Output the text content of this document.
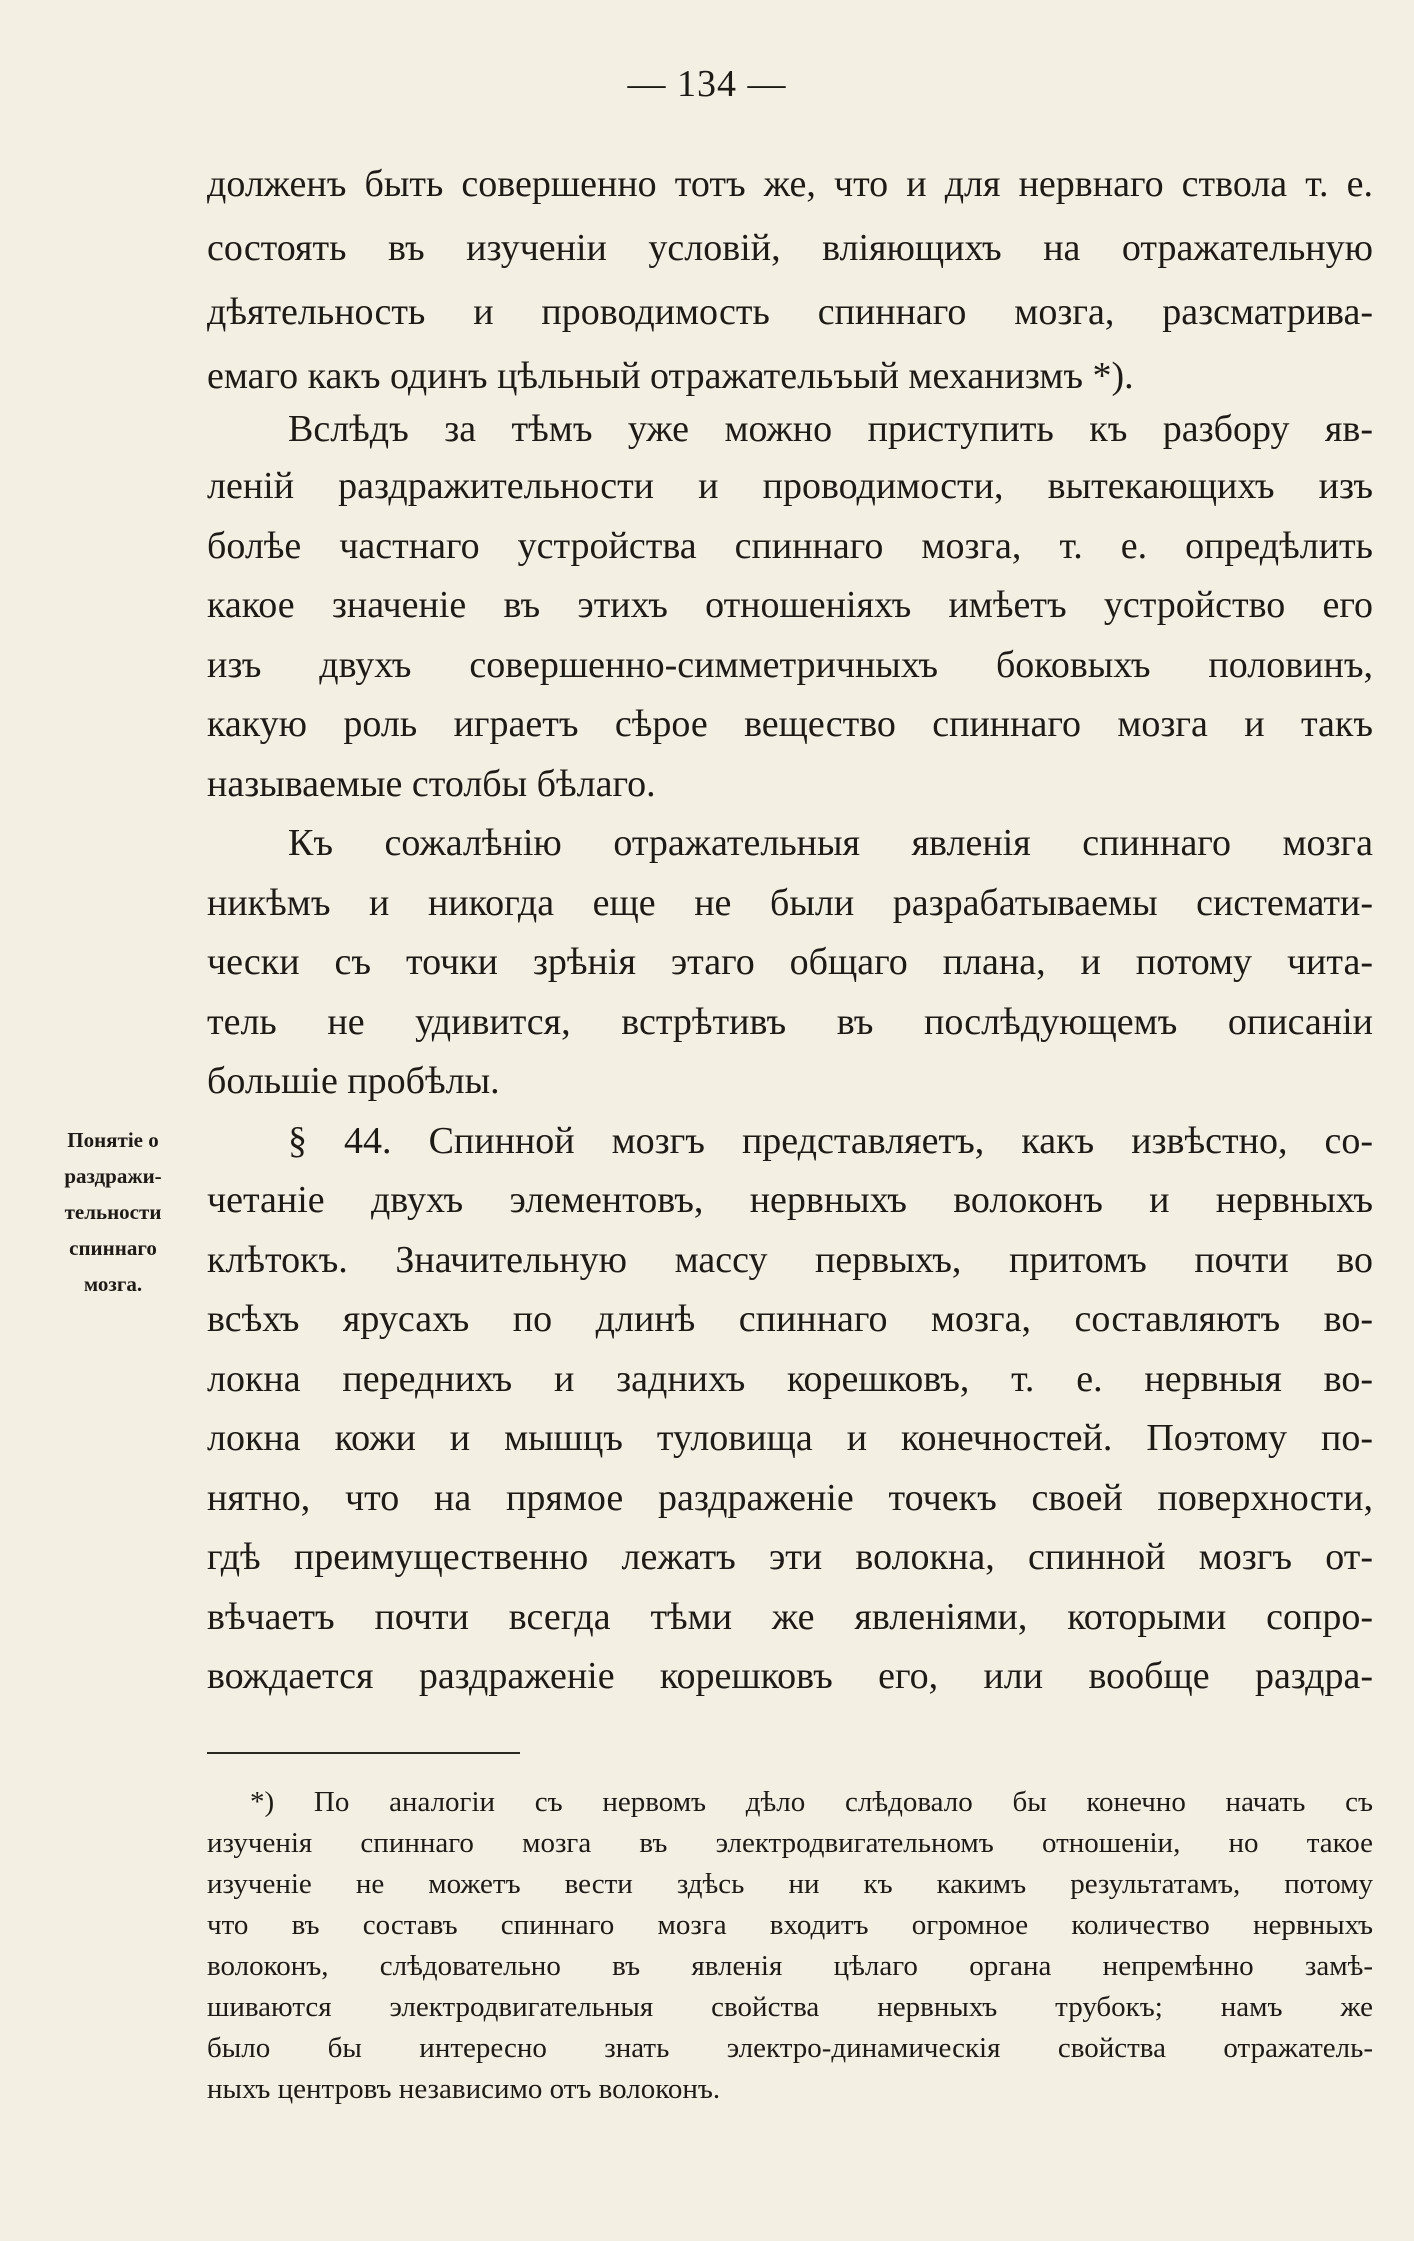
— 134 —
долженъ быть совершенно тотъ же, что и для нервнаго ствола т. е.
состоять въ изученіи условій, вліяющихъ на отражательную
дѣятельность и проводимость спиннаго мозга, разсматрива-
емаго какъ одинъ цѣльный отражательъый механизмъ *).
Вслѣдъ за тѣмъ уже можно приступить къ разбору яв-
леній раздражительности и проводимости, вытекающихъ изъ
болѣе частнаго устройства спиннаго мозга, т. е. опредѣлить
какое значеніе въ этихъ отношеніяхъ имѣетъ устройство его
изъ двухъ совершенно-симметричныхъ боковыхъ половинъ,
какую роль играетъ сѣрое вещество спиннаго мозга и такъ
называемые столбы бѣлаго.
Къ сожалѣнію отражательныя явленія спиннаго мозга
никѣмъ и никогда еще не были разрабатываемы системати-
чески съ точки зрѣнія этаго общаго плана, и потому чита-
тель не удивится, встрѣтивъ въ послѣдующемъ описаніи
большіе пробѣлы.
§ 44. Спинной мозгъ представляетъ, какъ извѣстно, со-
четаніе двухъ элементовъ, нервныхъ волоконъ и нервныхъ
клѣтокъ. Значительную массу первыхъ, притомъ почти во
всѣхъ ярусахъ по длинѣ спиннаго мозга, составляютъ во-
локна переднихъ и заднихъ корешковъ, т. е. нервныя во-
локна кожи и мышцъ туловища и конечностей. Поэтому по-
нятно, что на прямое раздраженіе точекъ своей поверхности,
гдѣ преимущественно лежатъ эти волокна, спинной мозгъ от-
вѣчаетъ почти всегда тѣми же явленіями, которыми сопро-
вождается раздраженіе корешковъ его, или вообще раздра-
Понятіе о
раздражи-
тельности
спиннаго
мозга.
*) По аналогіи съ нервомъ дѣло слѣдовало бы конечно начать съ
изученія спиннаго мозга въ электродвигательномъ отношеніи, но такое
изученіе не можетъ вести здѣсь ни къ какимъ результатамъ, потому
что въ составъ спиннаго мозга входитъ огромное количество нервныхъ
волоконъ, слѣдовательно въ явленія цѣлаго органа непремѣнно замѣ-
шиваются электродвигательныя свойства нервныхъ трубокъ; намъ же
было бы интересно знать электро-динамическія свойства отражатель-
ныхъ центровъ независимо отъ волоконъ.
